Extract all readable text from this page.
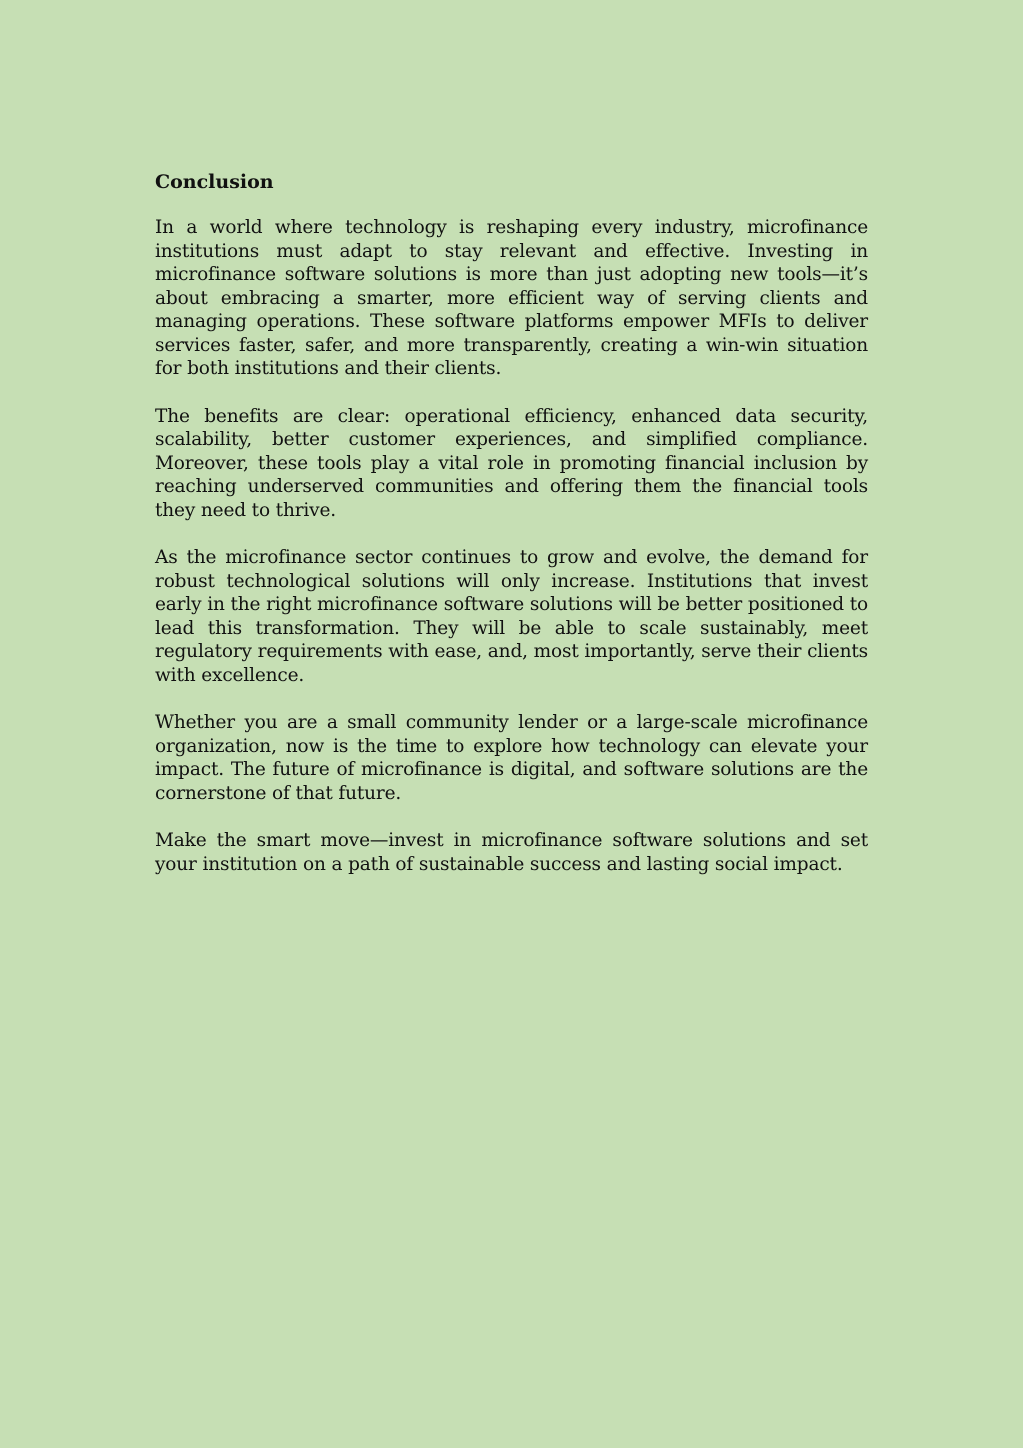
Conclusion

In a world where technology is reshaping every industry, microfinance institutions must adapt to stay relevant and effective. Investing in microfinance software solutions is more than just adopting new tools—it’s about embracing a smarter, more efficient way of serving clients and managing operations. These software platforms empower MFIs to deliver services faster, safer, and more transparently, creating a win-win situation for both institutions and their clients.

The benefits are clear: operational efficiency, enhanced data security, scalability, better customer experiences, and simplified compliance. Moreover, these tools play a vital role in promoting financial inclusion by reaching underserved communities and offering them the financial tools they need to thrive.

As the microfinance sector continues to grow and evolve, the demand for robust technological solutions will only increase. Institutions that invest early in the right microfinance software solutions will be better positioned to lead this transformation. They will be able to scale sustainably, meet regulatory requirements with ease, and, most importantly, serve their clients with excellence.

Whether you are a small community lender or a large-scale microfinance organization, now is the time to explore how technology can elevate your impact. The future of microfinance is digital, and software solutions are the cornerstone of that future.

Make the smart move—invest in microfinance software solutions and set your institution on a path of sustainable success and lasting social impact.
